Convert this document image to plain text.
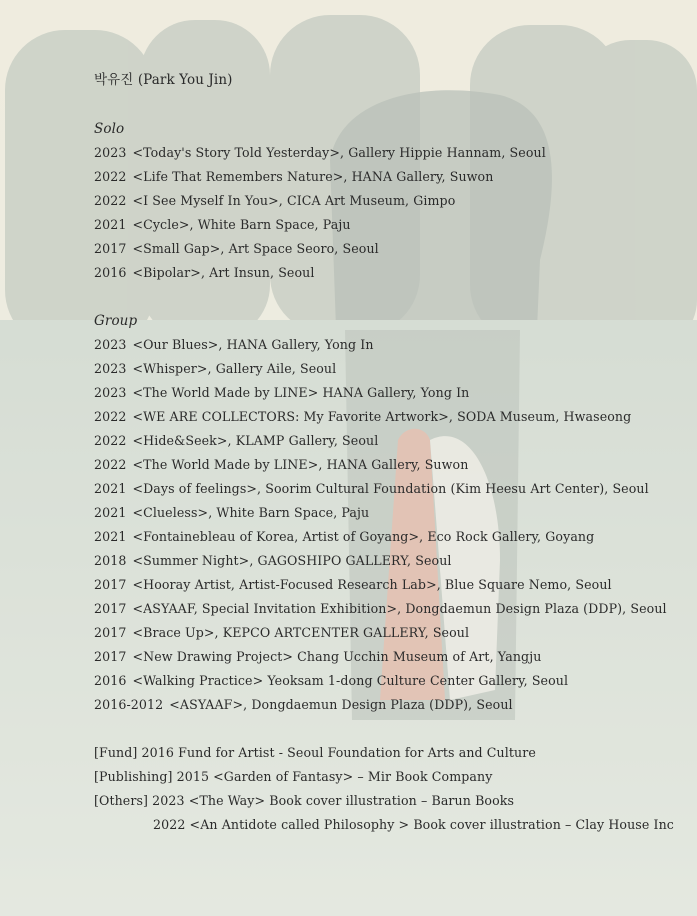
박유진 (Park You Jin)
Solo
2023 <Today's Story Told Yesterday>, Gallery Hippie Hannam, Seoul
2022 <Life That Remembers Nature>, HANA Gallery, Suwon
2022 <I See Myself In You>, CICA Art Museum, Gimpo
2021 <Cycle>, White Barn Space, Paju
2017 <Small Gap>, Art Space Seoro, Seoul
2016 <Bipolar>, Art Insun, Seoul
Group
2023 <Our Blues>, HANA Gallery, Yong In
2023 <Whisper>, Gallery Aile, Seoul
2023 <The World Made by LINE> HANA Gallery, Yong In
2022 <WE ARE COLLECTORS: My Favorite Artwork>, SODA Museum, Hwaseong
2022 <Hide&Seek>, KLAMP Gallery, Seoul
2022 <The World Made by LINE>, HANA Gallery, Suwon
2021 <Days of feelings>, Soorim Cultural Foundation (Kim Heesu Art Center), Seoul
2021 <Clueless>, White Barn Space, Paju
2021 <Fontainebleau of Korea, Artist of Goyang>, Eco Rock Gallery, Goyang
2018 <Summer Night>, GAGOSHIPO GALLERY, Seoul
2017 <Hooray Artist, Artist-Focused Research Lab>, Blue Square Nemo, Seoul
2017 <ASYAAF, Special Invitation Exhibition>, Dongdaemun Design Plaza (DDP), Seoul
2017 <Brace Up>, KEPCO ARTCENTER GALLERY, Seoul
2017 <New Drawing Project> Chang Ucchin Museum of Art, Yangju
2016 <Walking Practice> Yeoksam 1-dong Culture Center Gallery, Seoul
2016-2012 <ASYAAF>, Dongdaemun Design Plaza (DDP), Seoul
[Fund] 2016 Fund for Artist - Seoul Foundation for Arts and Culture
[Publishing] 2015 <Garden of Fantasy> – Mir Book Company
[Others] 2023 <The Way> Book cover illustration – Barun Books
2022 <An Antidote called Philosophy > Book cover illustration – Clay House Inc
